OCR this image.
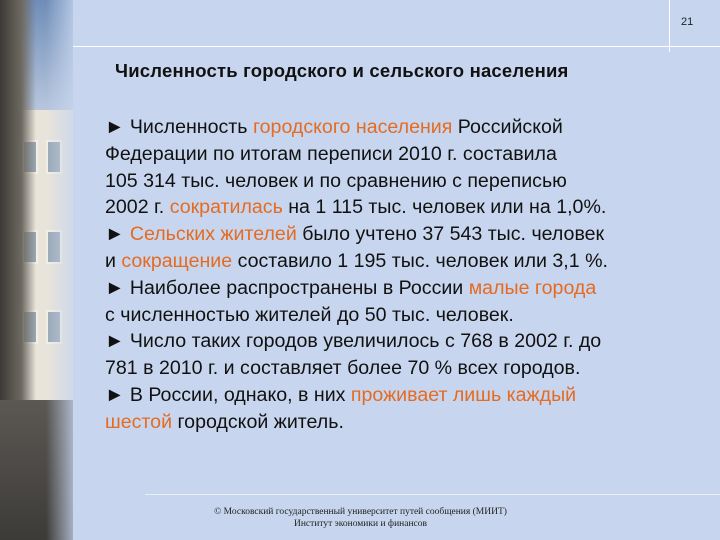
21
Численность городского и сельского населения
► Численность городского населения Российской
Федерации по итогам переписи 2010 г. составила
105 314 тыс. человек и по сравнению с переписью
2002 г. сократилась на 1 115 тыс. человек или на 1,0%.
► Сельских жителей было учтено 37 543 тыс. человек
и сокращение составило 1 195 тыс. человек или 3,1 %.
► Наиболее распространены в России малые города
с численностью жителей до 50 тыс. человек.
► Число таких городов увеличилось с 768 в 2002 г. до
781 в 2010 г. и составляет более 70 % всех городов.
► В России, однако, в них проживает лишь каждый
шестой городской житель.
© Московский государственный университет путей сообщения (МИИТ)
Институт экономики и финансов
